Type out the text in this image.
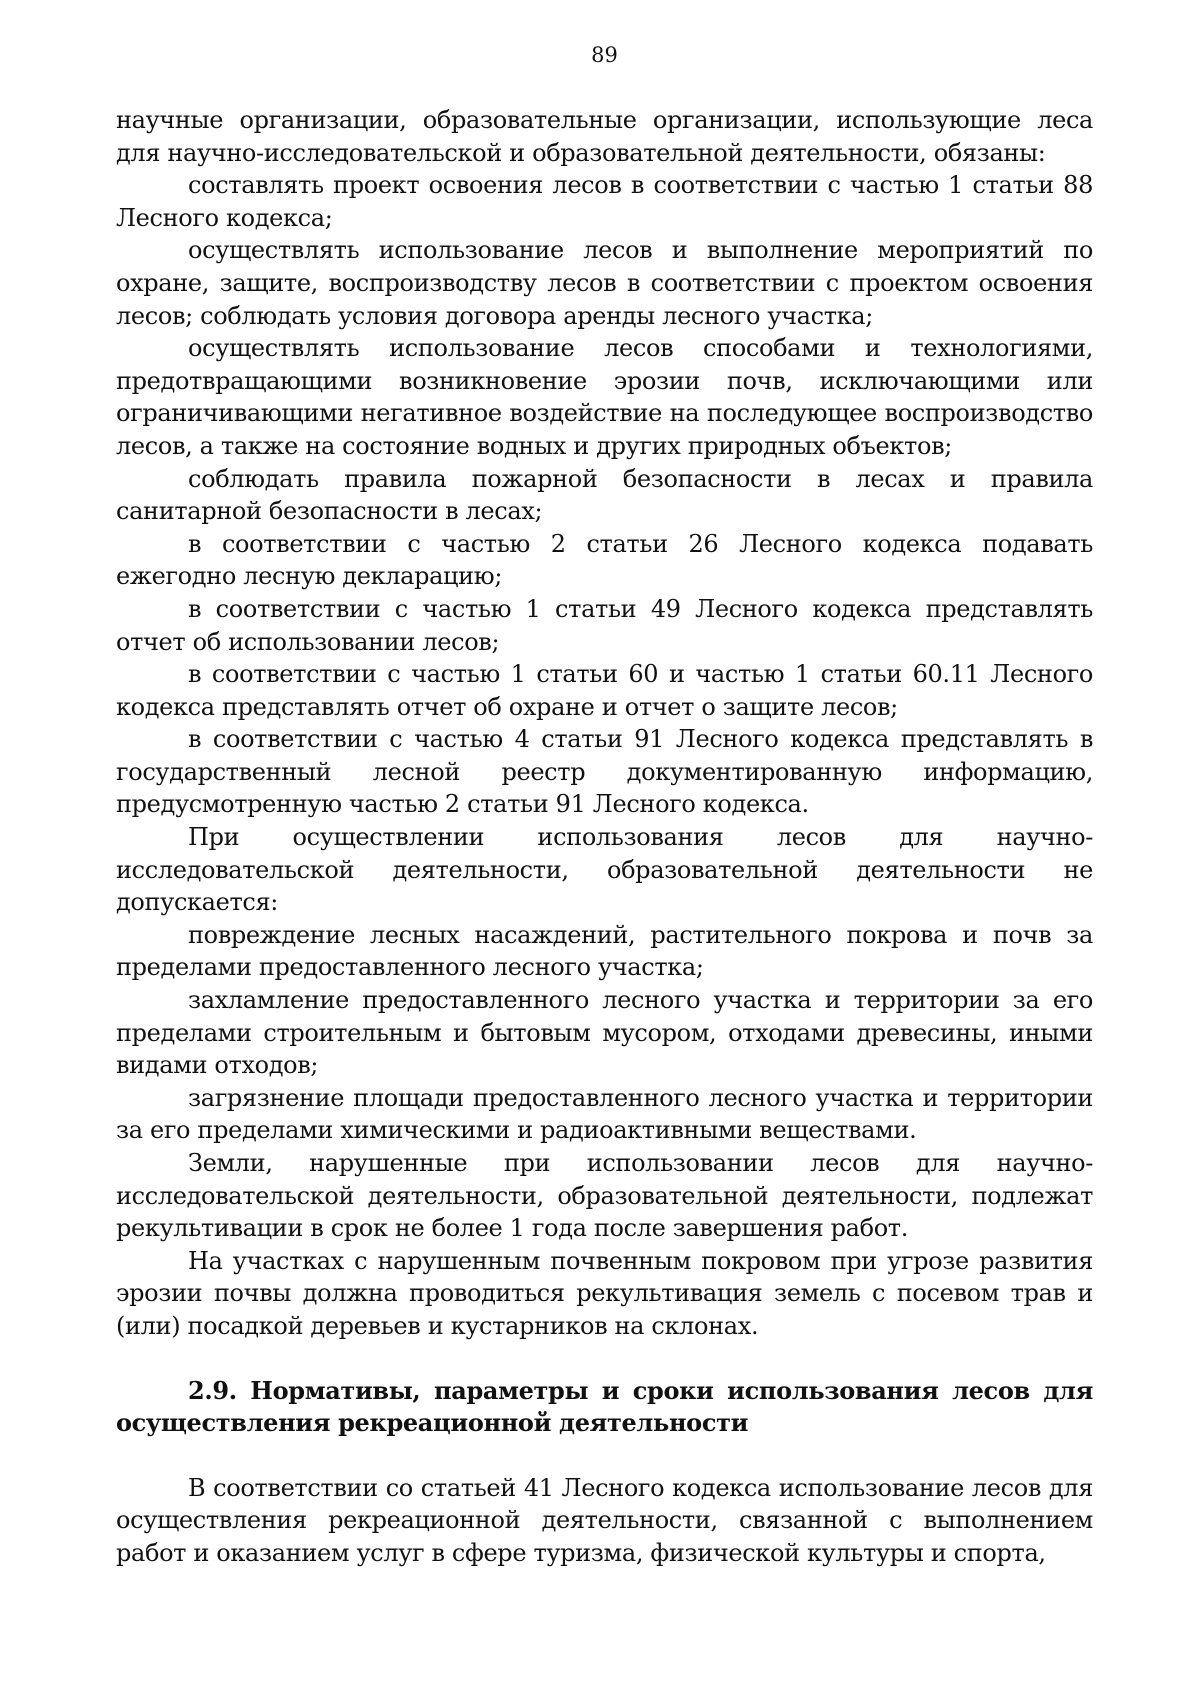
89

научные организации, образовательные организации, использующие леса для научно-исследовательской и образовательной деятельности, обязаны:

составлять проект освоения лесов в соответствии с частью 1 статьи 88 Лесного кодекса;

осуществлять использование лесов и выполнение мероприятий по охране, защите, воспроизводству лесов в соответствии с проектом освоения лесов; соблюдать условия договора аренды лесного участка;

осуществлять использование лесов способами и технологиями, предотвращающими возникновение эрозии почв, исключающими или ограничивающими негативное воздействие на последующее воспроизводство лесов, а также на состояние водных и других природных объектов;

соблюдать правила пожарной безопасности в лесах и правила санитарной безопасности в лесах;

в соответствии с частью 2 статьи 26 Лесного кодекса подавать ежегодно лесную декларацию;

в соответствии с частью 1 статьи 49 Лесного кодекса представлять отчет об использовании лесов;

в соответствии с частью 1 статьи 60 и частью 1 статьи 60.11 Лесного кодекса представлять отчет об охране и отчет о защите лесов;

в соответствии с частью 4 статьи 91 Лесного кодекса представлять в государственный лесной реестр документированную информацию, предусмотренную частью 2 статьи 91 Лесного кодекса.

При осуществлении использования лесов для научно-исследовательской деятельности, образовательной деятельности не допускается:

повреждение лесных насаждений, растительного покрова и почв за пределами предоставленного лесного участка;

захламление предоставленного лесного участка и территории за его пределами строительным и бытовым мусором, отходами древесины, иными видами отходов;

загрязнение площади предоставленного лесного участка и территории за его пределами химическими и радиоактивными веществами.

Земли, нарушенные при использовании лесов для научно-исследовательской деятельности, образовательной деятельности, подлежат рекультивации в срок не более 1 года после завершения работ.

На участках с нарушенным почвенным покровом при угрозе развития эрозии почвы должна проводиться рекультивация земель с посевом трав и (или) посадкой деревьев и кустарников на склонах.

2.9. Нормативы, параметры и сроки использования лесов для осуществления рекреационной деятельности

В соответствии со статьей 41 Лесного кодекса использование лесов для осуществления рекреационной деятельности, связанной с выполнением работ и оказанием услуг в сфере туризма, физической культуры и спорта,
